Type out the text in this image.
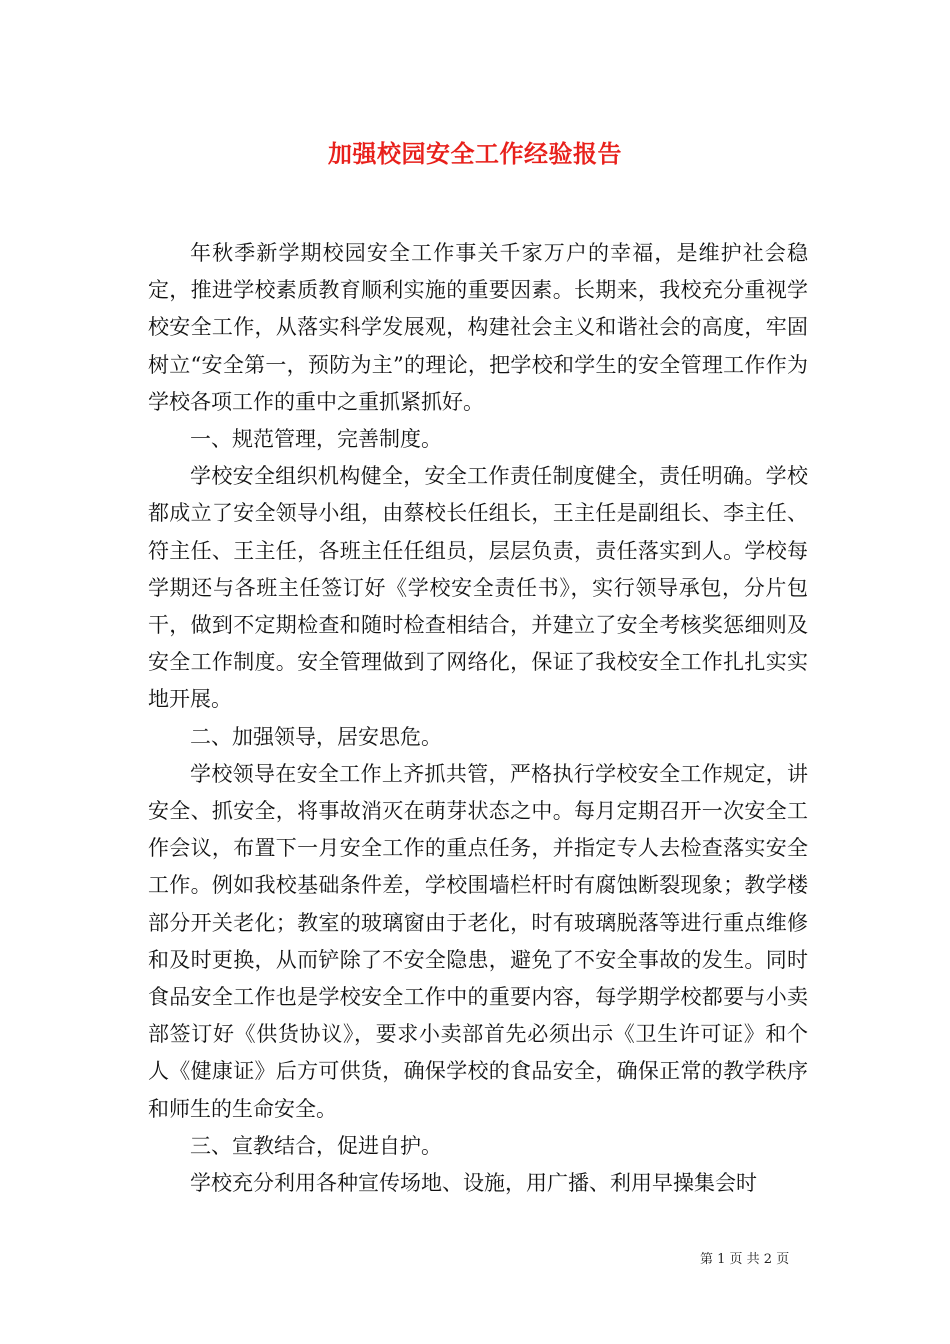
加强校园安全工作经验报告

年秋季新学期校园安全工作事关千家万户的幸福，是维护社会稳定，推进学校素质教育顺利实施的重要因素。长期来，我校充分重视学校安全工作，从落实科学发展观，构建社会主义和谐社会的高度，牢固树立“安全第一，预防为主”的理论，把学校和学生的安全管理工作作为学校各项工作的重中之重抓紧抓好。

一、规范管理，完善制度。

学校安全组织机构健全，安全工作责任制度健全，责任明确。学校都成立了安全领导小组，由蔡校长任组长，王主任是副组长、李主任、符主任、王主任，各班主任任组员，层层负责，责任落实到人。学校每学期还与各班主任签订好《学校安全责任书》，实行领导承包，分片包干，做到不定期检查和随时检查相结合，并建立了安全考核奖惩细则及安全工作制度。安全管理做到了网络化，保证了我校安全工作扎扎实实地开展。

二、加强领导，居安思危。

学校领导在安全工作上齐抓共管，严格执行学校安全工作规定，讲安全、抓安全，将事故消灭在萌芽状态之中。每月定期召开一次安全工作会议，布置下一月安全工作的重点任务，并指定专人去检查落实安全工作。例如我校基础条件差，学校围墙栏杆时有腐蚀断裂现象；教学楼部分开关老化；教室的玻璃窗由于老化，时有玻璃脱落等进行重点维修和及时更换，从而铲除了不安全隐患，避免了不安全事故的发生。同时食品安全工作也是学校安全工作中的重要内容，每学期学校都要与小卖部签订好《供货协议》，要求小卖部首先必须出示《卫生许可证》和个人《健康证》后方可供货，确保学校的食品安全，确保正常的教学秩序和师生的生命安全。

三、宣教结合，促进自护。

学校充分利用各种宣传场地、设施，用广播、利用早操集会时

第 1 页 共 2 页
